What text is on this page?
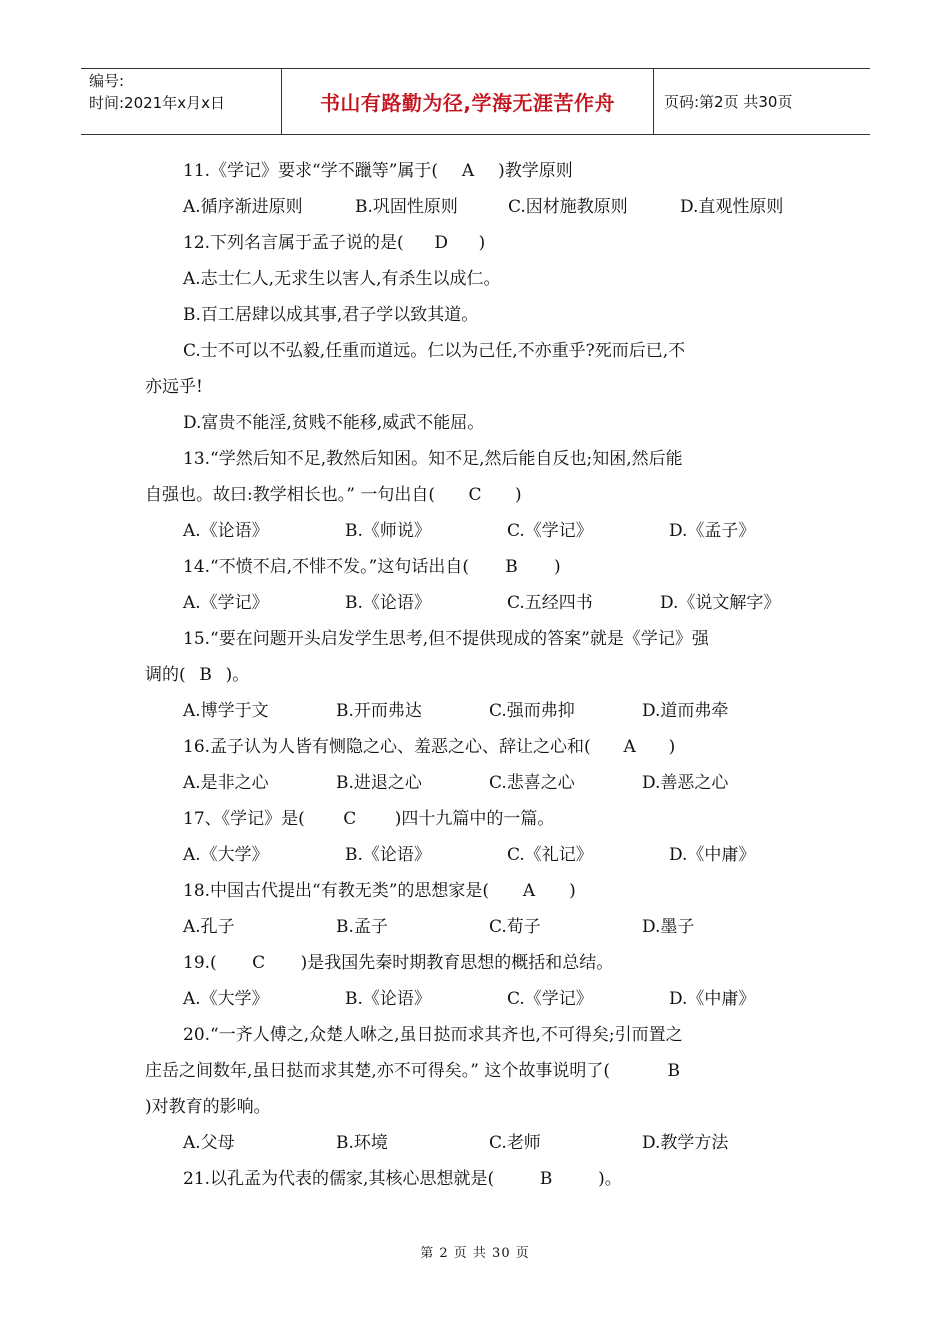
编号:
时间:2021年x月x日	书山有路勤为径,学海无涯苦作舟	页码:第2页 共30页
11.《学记》要求“学不躐等”属于( A )教学原则
A.循序渐进原则	B.巩固性原则	C.因材施教原则	D.直观性原则
12.下列名言属于孟子说的是( D )
A.志士仁人,无求生以害人,有杀生以成仁。
B.百工居肆以成其事,君子学以致其道。
C.士不可以不弘毅,任重而道远。仁以为己任,不亦重乎?死而后已,不
亦远乎!
D.富贵不能淫,贫贱不能移,威武不能屈。
13.“学然后知不足,教然后知困。知不足,然后能自反也;知困,然后能
自强也。故曰:教学相长也。” 一句出自( C )
A.《论语》	B.《师说》	C.《学记》	D.《孟子》
14.“不愤不启,不悱不发。”这句话出自( B )
A.《学记》	B.《论语》	C.五经四书	D.《说文解字》
15.“要在问题开头启发学生思考,但不提供现成的答案”就是《学记》强
调的( B )。
A.博学于文	B.开而弗达	C.强而弗抑	D.道而弗牵
16.孟子认为人皆有恻隐之心、羞恶之心、辞让之心和( A )
A.是非之心	B.进退之心	C.悲喜之心	D.善恶之心
17、《学记》是( C )四十九篇中的一篇。
A.《大学》	B.《论语》	C.《礼记》	D.《中庸》
18.中国古代提出“有教无类”的思想家是( A )
A.孔子	B.孟子	C.荀子	D.墨子
19.( C )是我国先秦时期教育思想的概括和总结。
A.《大学》	B.《论语》	C.《学记》	D.《中庸》
20.“一齐人傅之,众楚人咻之,虽日挞而求其齐也,不可得矣;引而置之
庄岳之间数年,虽日挞而求其楚,亦不可得矣。” 这个故事说明了(	B
)对教育的影响。
A.父母	B.环境	C.老师	D.教学方法
21.以孔孟为代表的儒家,其核心思想就是(	B	)。
第 2 页 共 30 页
